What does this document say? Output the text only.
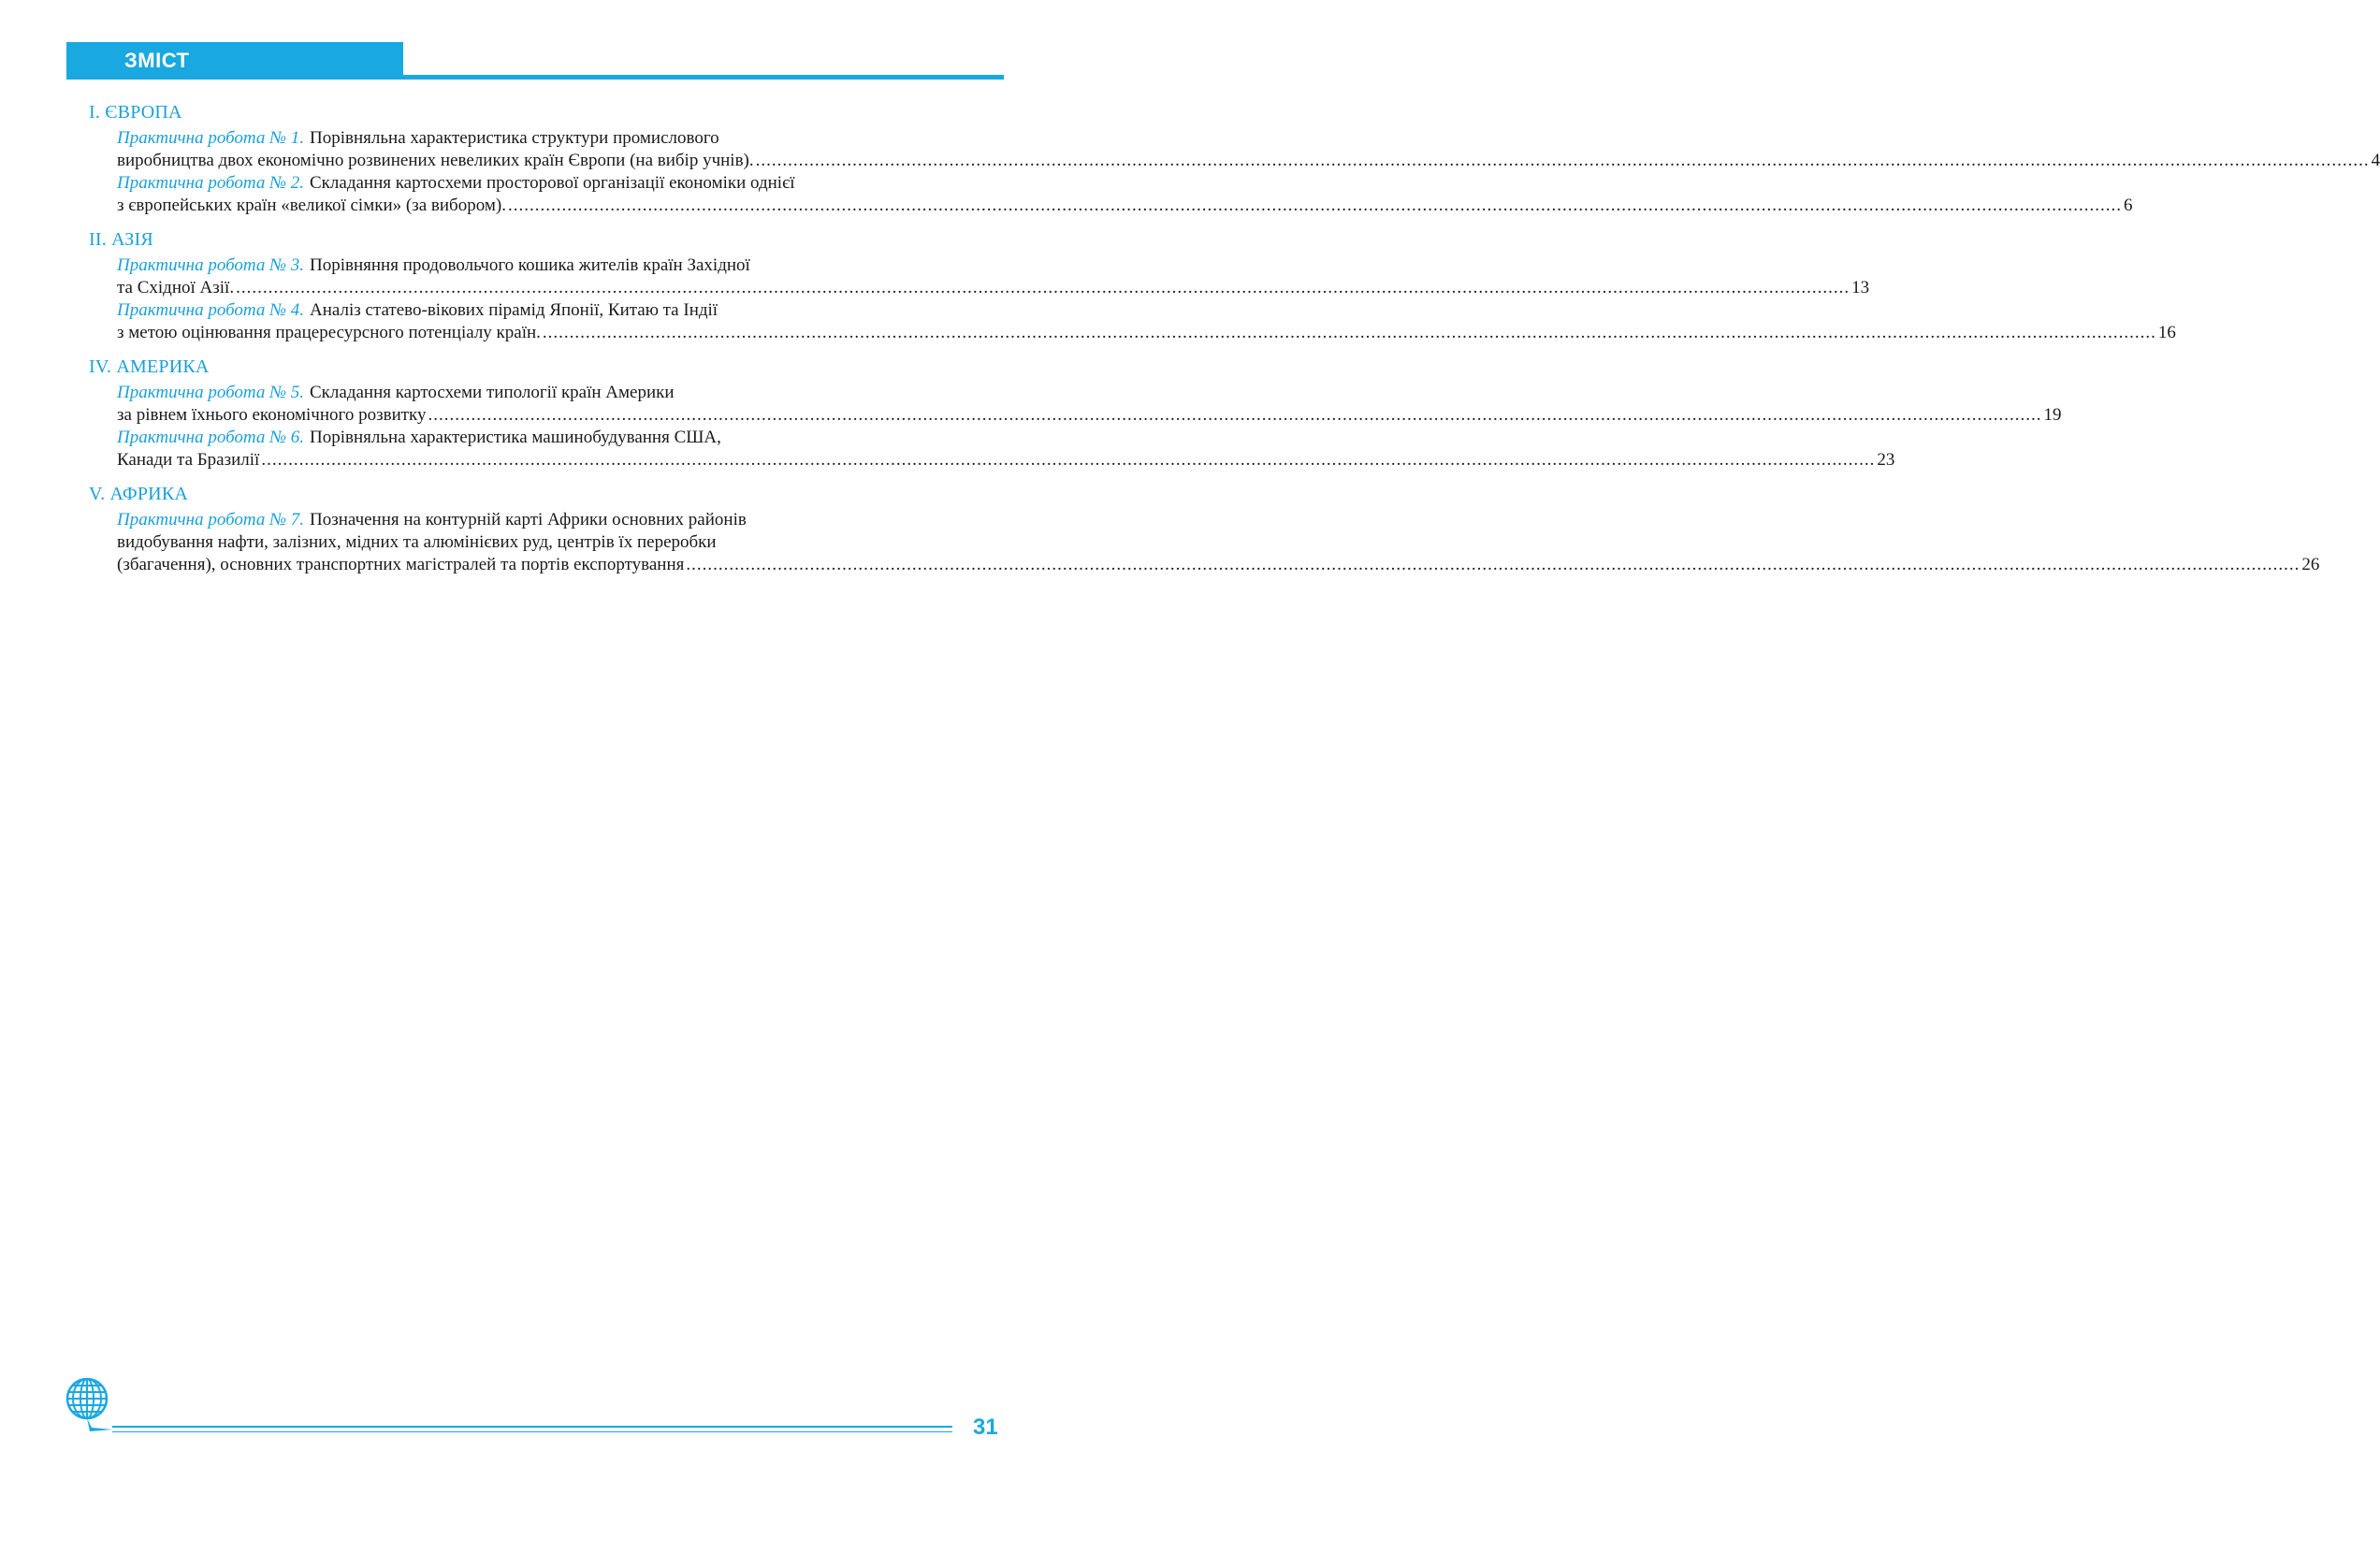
ЗМІСТ
І. ЄВРОПА
Практична робота № 1. Порівняльна характеристика структури промислового
виробництва двох економічно розвинених невеликих країн Європи (на вибір учнів). ............................................................................................................................................................................................................................................................................................................ 4
Практична робота № 2. Складання картосхеми просторової організації економіки однієї
з європейських країн «великої сімки» (за вибором). ............................................................................................................................................................................................................................................................................................................ 6
ІІ. АЗІЯ
Практична робота № 3. Порівняння продовольчого кошика жителів країн Західної
та Східної Азії. ............................................................................................................................................................................................................................................................................................................ 13
Практична робота № 4. Аналіз статево-вікових пірамід Японії, Китаю та Індії
з метою оцінювання працересурсного потенціалу країн. ............................................................................................................................................................................................................................................................................................................ 16
ІV. АМЕРИКА
Практична робота № 5. Складання картосхеми типології країн Америки
за рівнем їхнього економічного розвитку ............................................................................................................................................................................................................................................................................................................ 19
Практична робота № 6. Порівняльна характеристика машинобудування США,
Канади та Бразилії ............................................................................................................................................................................................................................................................................................................ 23
V. АФРИКА
Практична робота № 7. Позначення на контурній карті Африки основних районів
видобування нафти, залізних, мідних та алюмінієвих руд, центрів їх переробки
(збагачення), основних транспортних магістралей та портів експортування ............................................................................................................................................................................................................................................................................................................ 26
31
